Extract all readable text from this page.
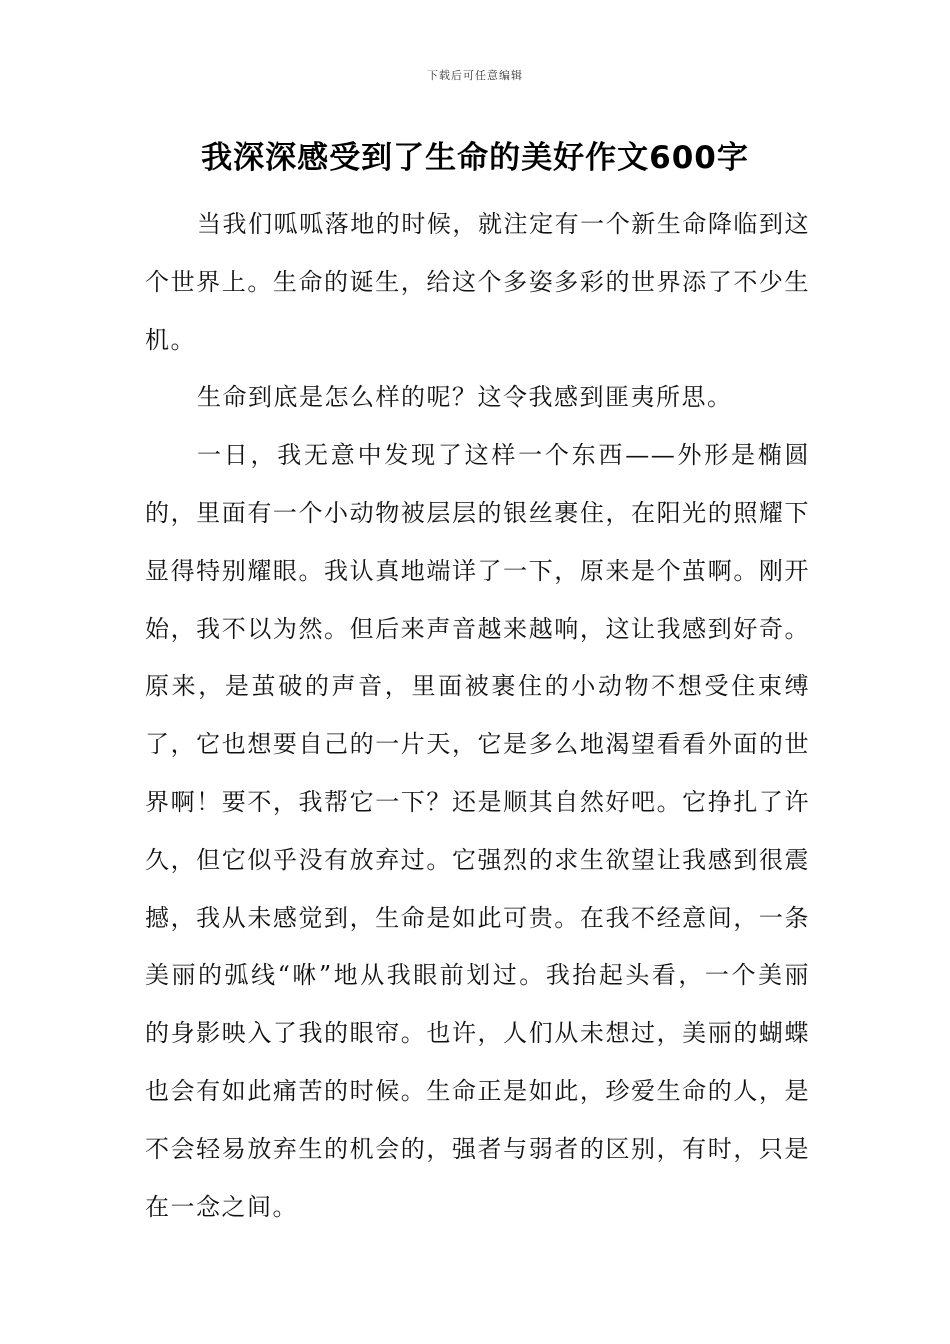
下载后可任意编辑
我深深感受到了生命的美好作文600字

当我们呱呱落地的时候，就注定有一个新生命降临到这个世界上。生命的诞生，给这个多姿多彩的世界添了不少生机。

生命到底是怎么样的呢？这令我感到匪夷所思。

一日，我无意中发现了这样一个东西——外形是椭圆的，里面有一个小动物被层层的银丝裹住，在阳光的照耀下显得特别耀眼。我认真地端详了一下，原来是个茧啊。刚开始，我不以为然。但后来声音越来越响，这让我感到好奇。原来，是茧破的声音，里面被裹住的小动物不想受住束缚了，它也想要自己的一片天，它是多么地渴望看看外面的世界啊！要不，我帮它一下？还是顺其自然好吧。它挣扎了许久，但它似乎没有放弃过。它强烈的求生欲望让我感到很震撼，我从未感觉到，生命是如此可贵。在我不经意间，一条美丽的弧线“咻”地从我眼前划过。我抬起头看，一个美丽的身影映入了我的眼帘。也许，人们从未想过，美丽的蝴蝶也会有如此痛苦的时候。生命正是如此，珍爱生命的人，是不会轻易放弃生的机会的，强者与弱者的区别，有时，只是在一念之间。
